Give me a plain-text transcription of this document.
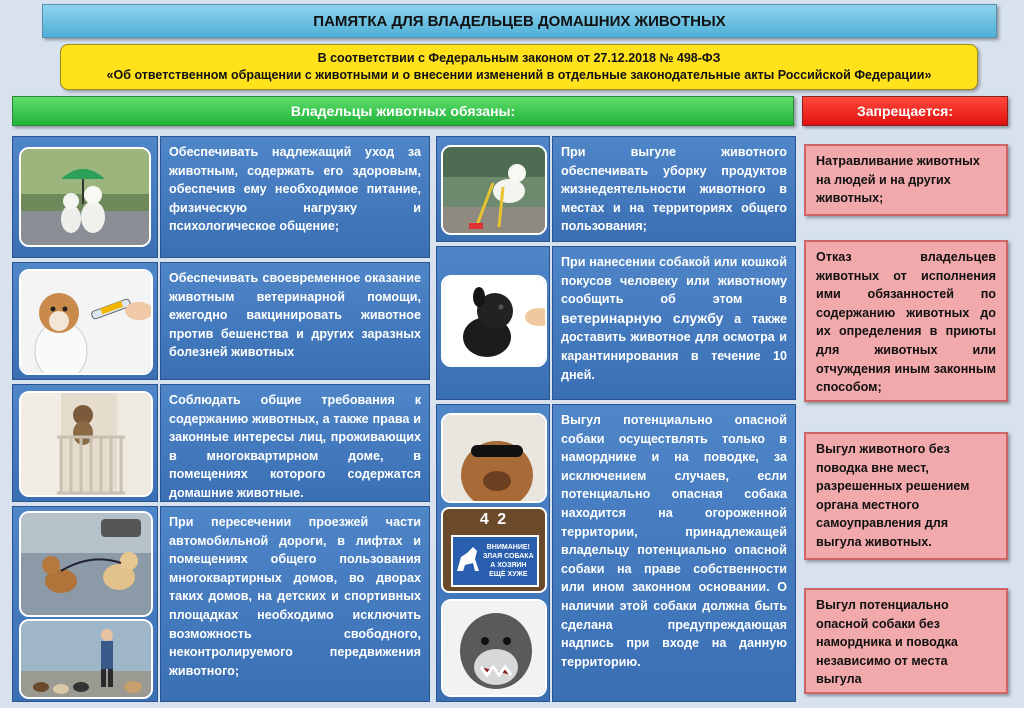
ПАМЯТКА ДЛЯ ВЛАДЕЛЬЦЕВ ДОМАШНИХ ЖИВОТНЫХ
В соответствии с Федеральным законом от 27.12.2018 № 498-ФЗ
«Об ответственном обращении с животными и о внесении изменений в отдельные законодательные акты Российской Федерации»
Владельцы животных обязаны:	Запрещается:
Обеспечивать надлежащий уход за животным, содержать его здоровым, обеспечив ему необходимое питание, физическую нагрузку и психологическое общение;
Обеспечивать своевременное оказание животным ветеринарной помощи, ежегодно вакцинировать животное против бешенства и других заразных болезней животных
Соблюдать общие требования к содержанию животных, а также права и законные интересы лиц, проживающих в многоквартирном доме, в помещениях которого содержатся домашние животные.
При пересечении проезжей части автомобильной дороги, в лифтах и помещениях общего пользования многоквартирных домов, во дворах таких домов, на детских и спортивных площадках необходимо исключить возможность свободного, неконтролируемого передвижения животного;
При выгуле животного обеспечивать уборку продуктов жизнедеятельности животного в местах и на территориях общего пользования;
При нанесении собакой или кошкой покусов человеку или животному сообщить об этом в ветеринарную службу а также доставить животное для осмотра и карантинирования в течение 10 дней.
4 2
ВНИМАНИЕ!
ЗЛАЯ СОБАКА
А ХОЗЯИН
ЕЩЁ ХУЖЕ
Выгул потенциально опасной собаки осуществлять только в наморднике и на поводке, за исключением случаев, если потенциально опасная собака находится на огороженной территории, принадлежащей владельцу потенциально опасной собаки на праве собственности или ином законном основании. О наличии этой собаки должна быть сделана предупреждающая надпись при входе на данную территорию.
Натравливание животных на людей и на других животных;
Отказ владельцев животных от исполнения ими обязанностей по содержанию животных до их определения в приюты для животных или отчуждения иным законным способом;
Выгул животного без поводка вне мест, разрешенных решением органа местного самоуправления для выгула животных.
Выгул потенциально опасной собаки без намордника и поводка независимо от места выгула
